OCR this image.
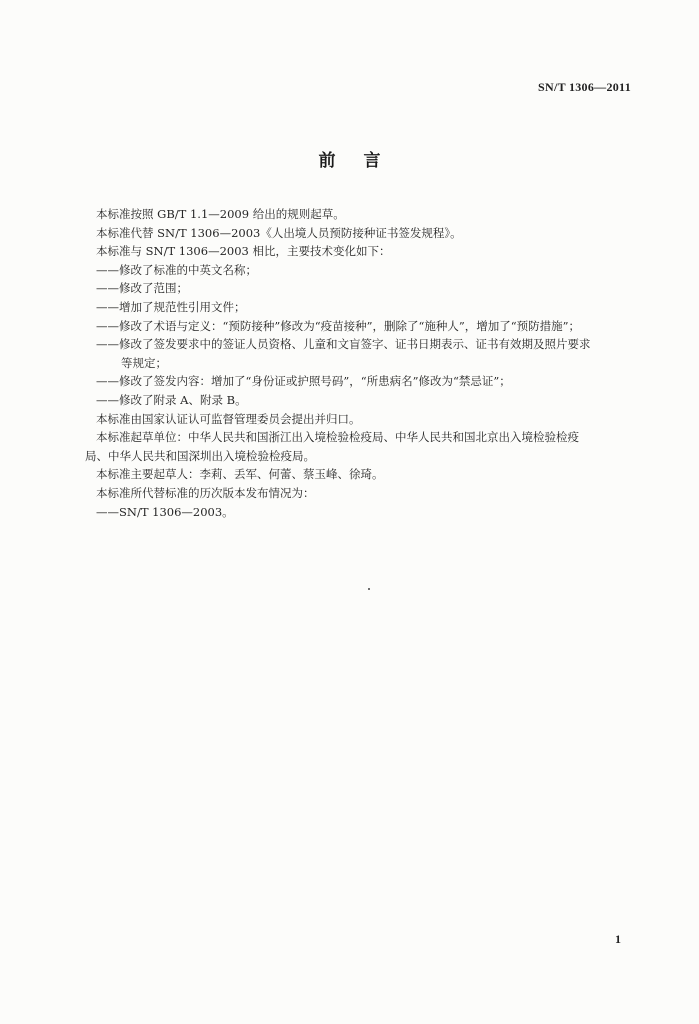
SN/T 1306—2011
前言

本标准按照 GB/T 1.1—2009 给出的规则起草。

本标准代替 SN/T 1306—2003《人出境人员预防接种证书签发规程》。

本标准与 SN/T 1306—2003 相比，主要技术变化如下：

——修改了标准的中英文名称；

——修改了范围；

——增加了规范性引用文件；

——修改了术语与定义：“预防接种”修改为“疫苗接种”，删除了“施种人”，增加了“预防措施”；

——修改了签发要求中的签证人员资格、儿童和文盲签字、证书日期表示、证书有效期及照片要求

等规定；

——修改了签发内容：增加了“身份证或护照号码”，“所患病名”修改为“禁忌证”；

——修改了附录 A、附录 B。

本标准由国家认证认可监督管理委员会提出并归口。

本标准起草单位：中华人民共和国浙江出入境检验检疫局、中华人民共和国北京出入境检验检疫

局、中华人民共和国深圳出入境检验检疫局。

本标准主要起草人：李莉、丢军、何蕾、蔡玉峰、徐琦。

本标准所代替标准的历次版本发布情况为：

——SN/T 1306—2003。

1
